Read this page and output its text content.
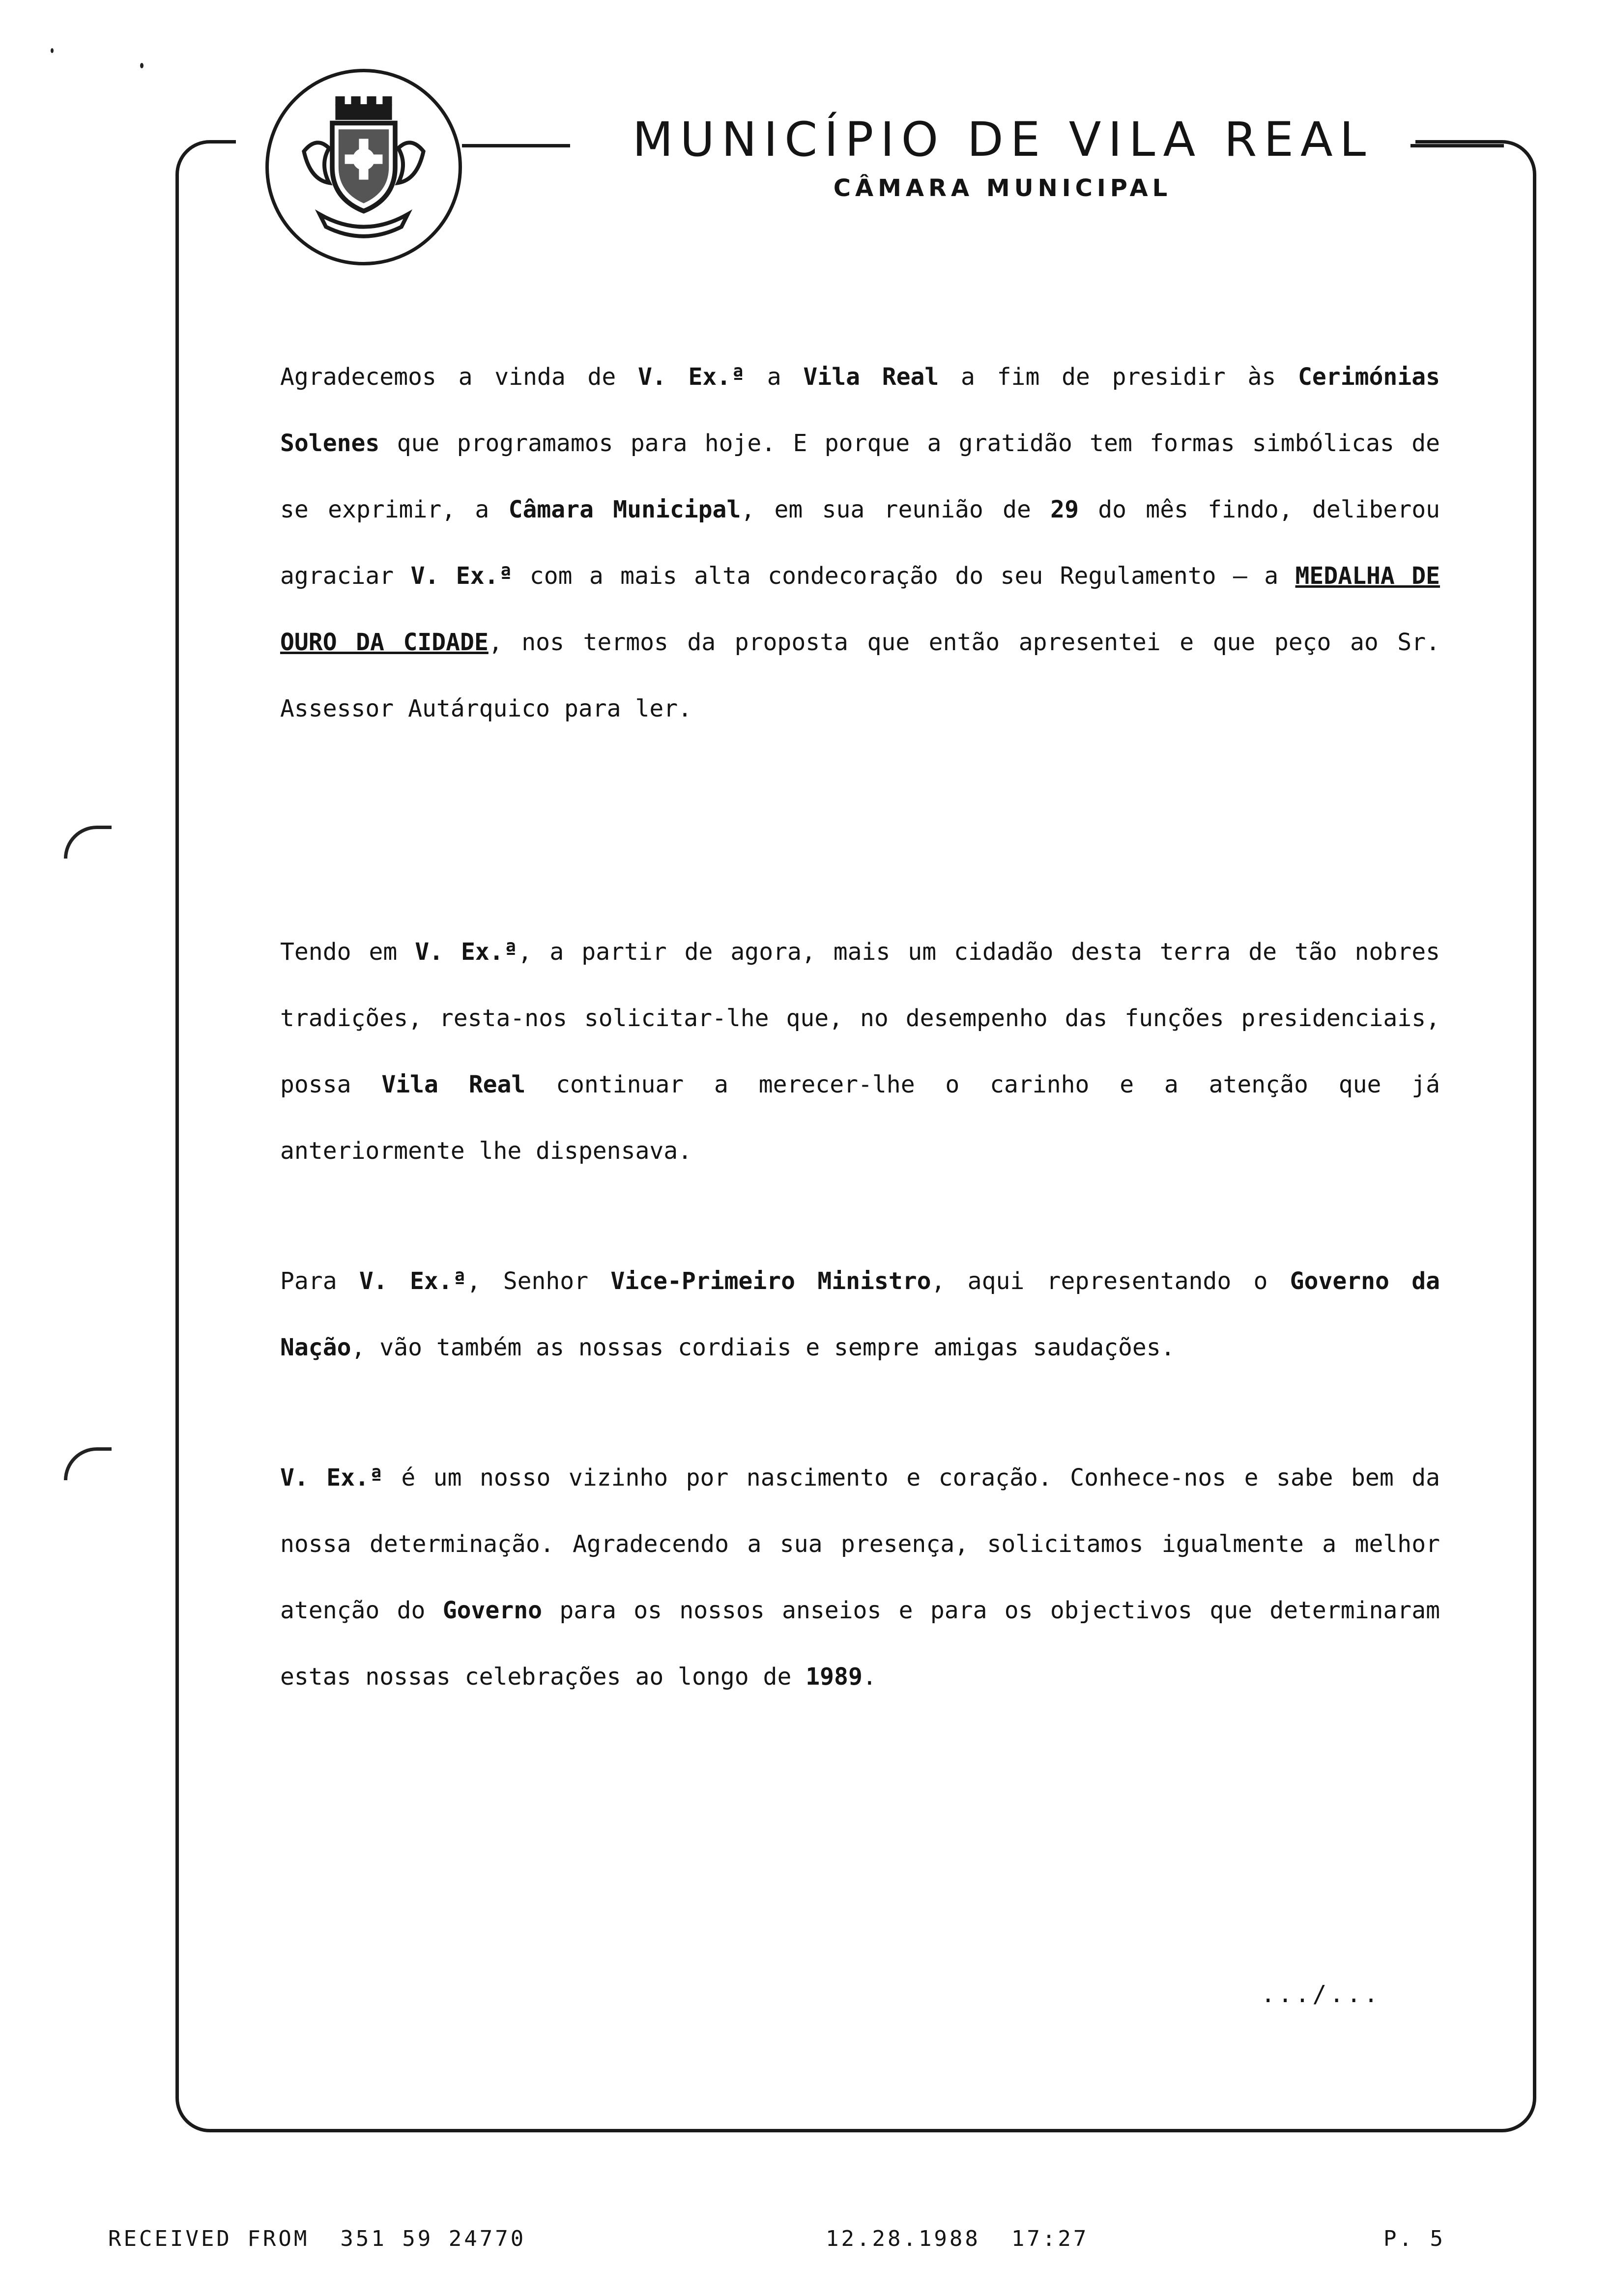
MUNICÍPIO DE VILA REAL
CÂMARA MUNICIPAL

Agradecemos a vinda de V. Ex.ª a Vila Real a fim de presidir às Cerimónias Solenes que programamos para hoje. E porque a gratidão tem formas simbólicas de se exprimir, a Câmara Municipal, em sua reunião de 29 do mês findo, deliberou agraciar V. Ex.ª com a mais alta condecoração do seu Regulamento – a MEDALHA DE OURO DA CIDADE, nos termos da proposta que então apresentei e que peço ao Sr. Assessor Autárquico para ler.

Tendo em V. Ex.ª, a partir de agora, mais um cidadão desta terra de tão nobres tradições, resta-nos solicitar-lhe que, no desempenho das funções presidenciais, possa Vila Real continuar a merecer-lhe o carinho e a atenção que já anteriormente lhe dispensava.

Para V. Ex.ª, Senhor Vice-Primeiro Ministro, aqui representando o Governo da Nação, vão também as nossas cordiais e sempre amigas saudações.

V. Ex.ª é um nosso vizinho por nascimento e coração. Conhece-nos e sabe bem da nossa determinação. Agradecendo a sua presença, solicitamos igualmente a melhor atenção do Governo para os nossos anseios e para os objectivos que determinaram estas nossas celebrações ao longo de 1989.

.../...
RECEIVED FROM  351 59 24770	12.28.1988  17:27	P. 5
